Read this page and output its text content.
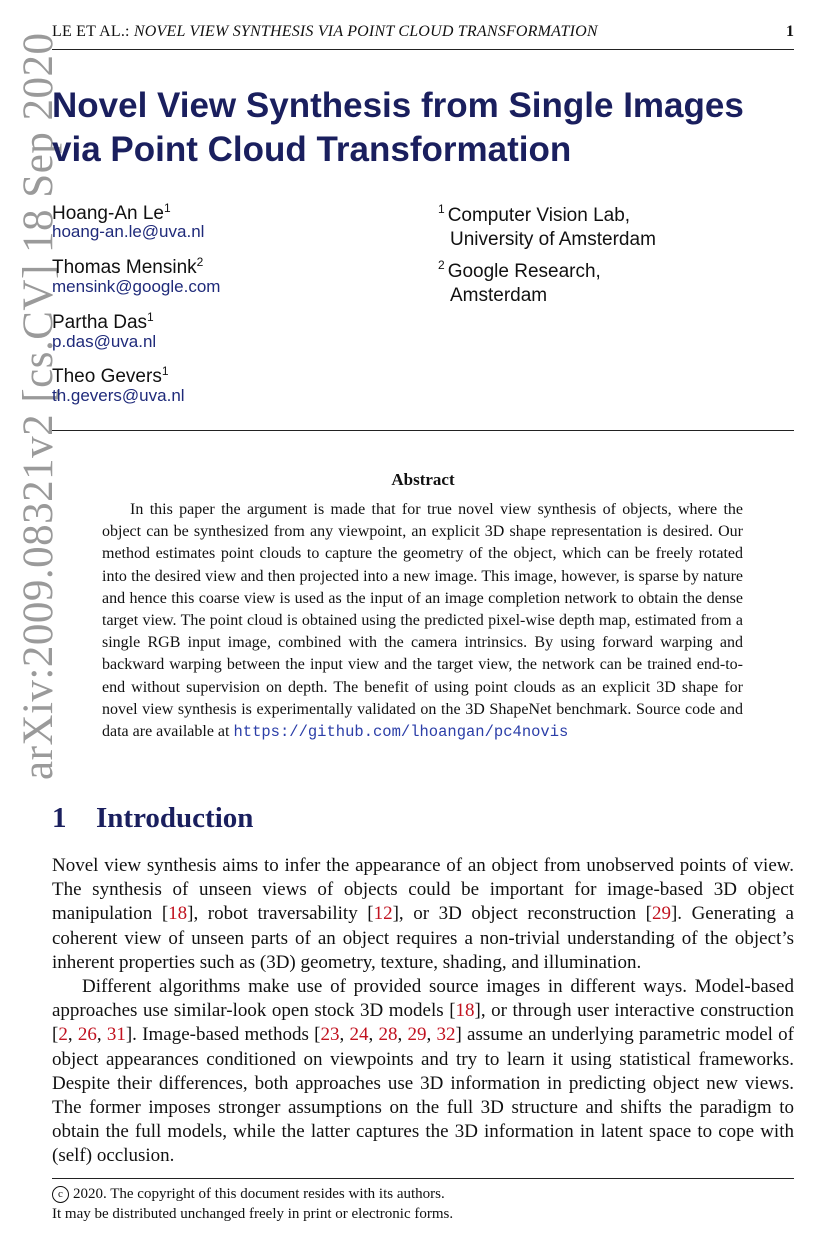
LE ET AL.: NOVEL VIEW SYNTHESIS VIA POINT CLOUD TRANSFORMATION	1
arXiv:2009.08321v2 [cs.CV] 18 Sep 2020
Novel View Synthesis from Single Images
via Point Cloud Transformation
Hoang-An Le$^1$
hoang-an.le@uva.nl
Thomas Mensink$^2$
mensink@google.com
Partha Das$^1$
p.das@uva.nl
Theo Gevers$^1$
th.gevers@uva.nl
$^1$ Computer Vision Lab,
University of Amsterdam
$^2$ Google Research,
Amsterdam
Abstract
In this paper the argument is made that for true novel view synthesis of objects, where the object can be synthesized from any viewpoint, an explicit 3D shape representation is desired. Our method estimates point clouds to capture the geometry of the object, which can be freely rotated into the desired view and then projected into a new image. This image, however, is sparse by nature and hence this coarse view is used as the input of an image completion network to obtain the dense target view. The point cloud is obtained using the predicted pixel-wise depth map, estimated from a single RGB input image, combined with the camera intrinsics. By using forward warping and backward warping between the input view and the target view, the network can be trained end-to-end without supervision on depth. The benefit of using point clouds as an explicit 3D shape for novel view synthesis is experimentally validated on the 3D ShapeNet benchmark. Source code and data are available at https://github.com/lhoangan/pc4novis
1 Introduction
Novel view synthesis aims to infer the appearance of an object from unobserved points of view. The synthesis of unseen views of objects could be important for image-based 3D object manipulation [18], robot traversability [12], or 3D object reconstruction [29]. Generating a coherent view of unseen parts of an object requires a non-trivial understanding of the object’s inherent properties such as (3D) geometry, texture, shading, and illumination.
Different algorithms make use of provided source images in different ways. Model-based approaches use similar-look open stock 3D models [18], or through user interactive construction [2, 26, 31]. Image-based methods [23, 24, 28, 29, 32] assume an underlying parametric model of object appearances conditioned on viewpoints and try to learn it using statistical frameworks. Despite their differences, both approaches use 3D information in predicting object new views. The former imposes stronger assumptions on the full 3D structure and shifts the paradigm to obtain the full models, while the latter captures the 3D information in latent space to cope with (self) occlusion.
c 2020. The copyright of this document resides with its authors.
It may be distributed unchanged freely in print or electronic forms.
